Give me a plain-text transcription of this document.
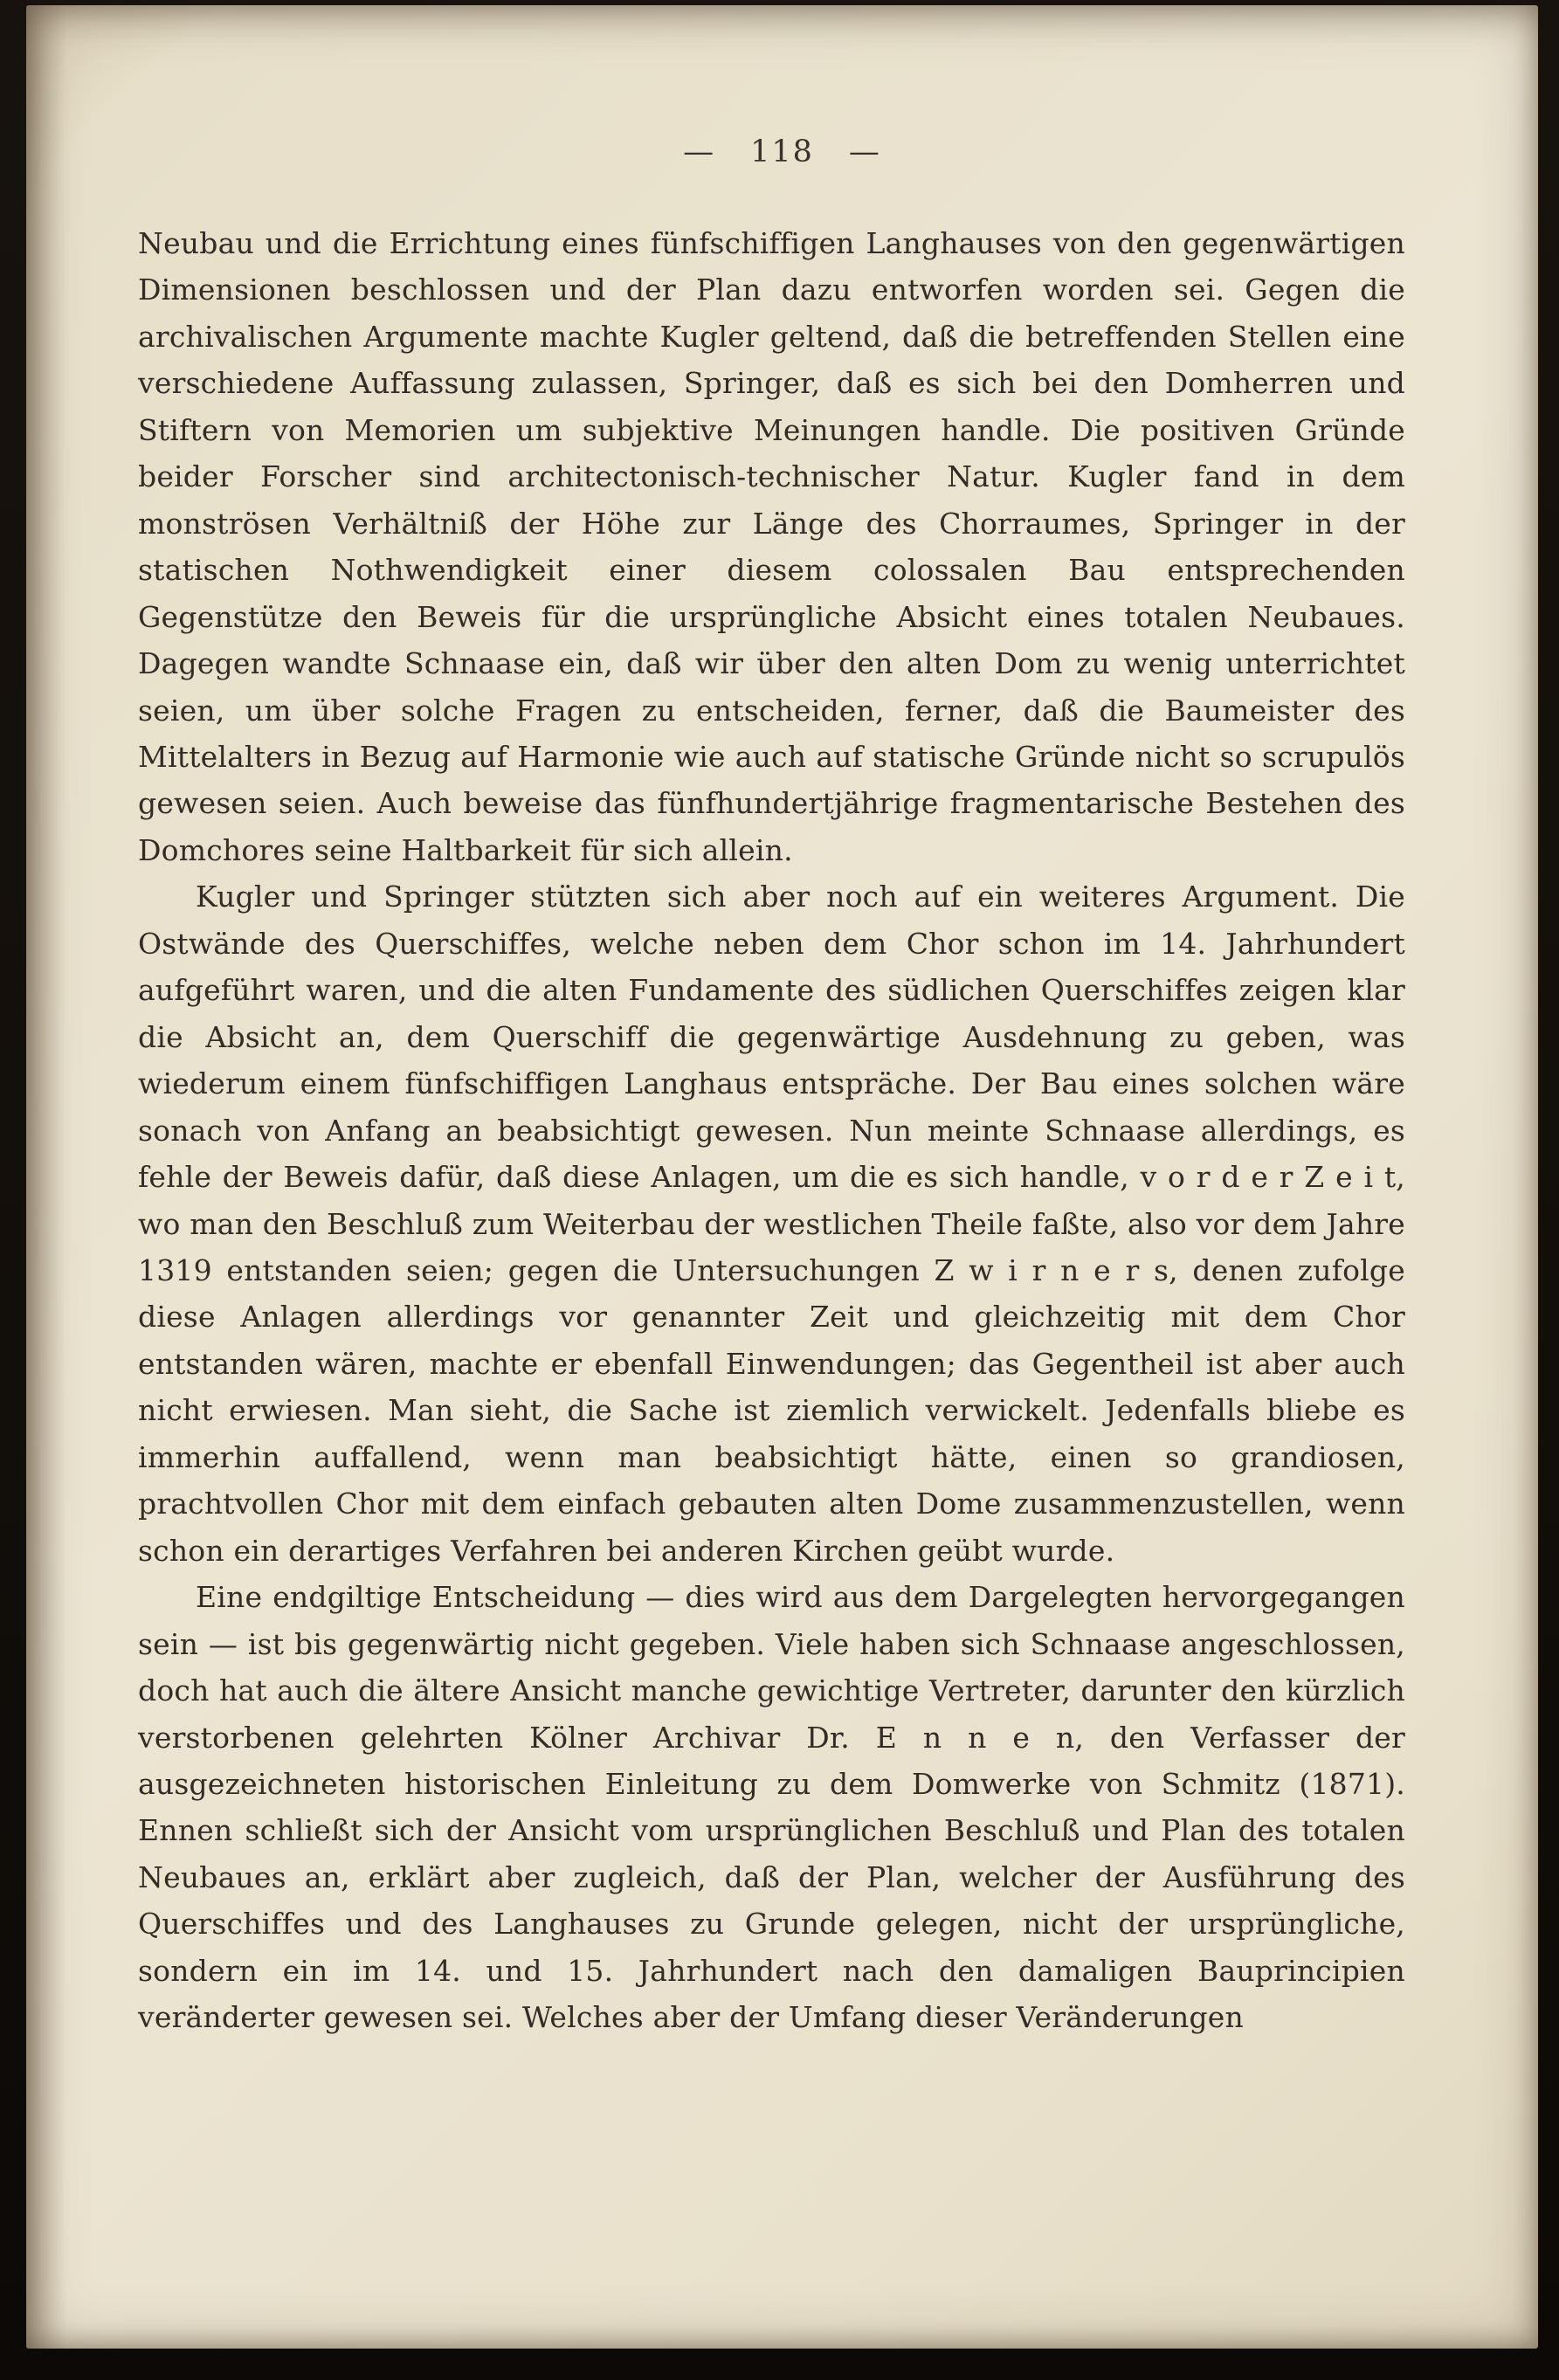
— 118 —

Neubau und die Errichtung eines fünfschiffigen Langhauses von den gegenwärtigen Dimensionen beschlossen und der Plan dazu entworfen worden sei. Gegen die archivalischen Argumente machte Kugler geltend, daß die betreffenden Stellen eine verschiedene Auffassung zulassen, Springer, daß es sich bei den Domherren und Stiftern von Memorien um subjektive Meinungen handle. Die positiven Gründe beider Forscher sind architectonisch-technischer Natur. Kugler fand in dem monströsen Verhältniß der Höhe zur Länge des Chorraumes, Springer in der statischen Nothwendigkeit einer diesem colossalen Bau entsprechenden Gegenstütze den Beweis für die ursprüngliche Absicht eines totalen Neubaues. Dagegen wandte Schnaase ein, daß wir über den alten Dom zu wenig unterrichtet seien, um über solche Fragen zu entscheiden, ferner, daß die Baumeister des Mittelalters in Bezug auf Harmonie wie auch auf statische Gründe nicht so scrupulös gewesen seien. Auch beweise das fünfhundertjährige fragmentarische Bestehen des Domchores seine Haltbarkeit für sich allein.

Kugler und Springer stützten sich aber noch auf ein weiteres Argument. Die Ostwände des Querschiffes, welche neben dem Chor schon im 14. Jahrhundert aufgeführt waren, und die alten Fundamente des südlichen Querschiffes zeigen klar die Absicht an, dem Querschiff die gegenwärtige Ausdehnung zu geben, was wiederum einem fünfschiffigen Langhaus entspräche. Der Bau eines solchen wäre sonach von Anfang an beabsichtigt gewesen. Nun meinte Schnaase allerdings, es fehle der Beweis dafür, daß diese Anlagen, um die es sich handle, v o r d e r Z e i t, wo man den Beschluß zum Weiterbau der westlichen Theile faßte, also vor dem Jahre 1319 entstanden seien; gegen die Untersuchungen Z w i r n e r s, denen zufolge diese Anlagen allerdings vor genannter Zeit und gleichzeitig mit dem Chor entstanden wären, machte er ebenfall Einwendungen; das Gegentheil ist aber auch nicht erwiesen. Man sieht, die Sache ist ziemlich verwickelt. Jedenfalls bliebe es immerhin auffallend, wenn man beabsichtigt hätte, einen so grandiosen, prachtvollen Chor mit dem einfach gebauten alten Dome zusammenzustellen, wenn schon ein derartiges Verfahren bei anderen Kirchen geübt wurde.

Eine endgiltige Entscheidung — dies wird aus dem Dargelegten hervorgegangen sein — ist bis gegenwärtig nicht gegeben. Viele haben sich Schnaase angeschlossen, doch hat auch die ältere Ansicht manche gewichtige Vertreter, darunter den kürzlich verstorbenen gelehrten Kölner Archivar Dr. E n n e n, den Verfasser der ausgezeichneten historischen Einleitung zu dem Domwerke von Schmitz (1871). Ennen schließt sich der Ansicht vom ursprünglichen Beschluß und Plan des totalen Neubaues an, erklärt aber zugleich, daß der Plan, welcher der Ausführung des Querschiffes und des Langhauses zu Grunde gelegen, nicht der ursprüngliche, sondern ein im 14. und 15. Jahrhundert nach den damaligen Bauprincipien veränderter gewesen sei. Welches aber der Umfang dieser Veränderungen
